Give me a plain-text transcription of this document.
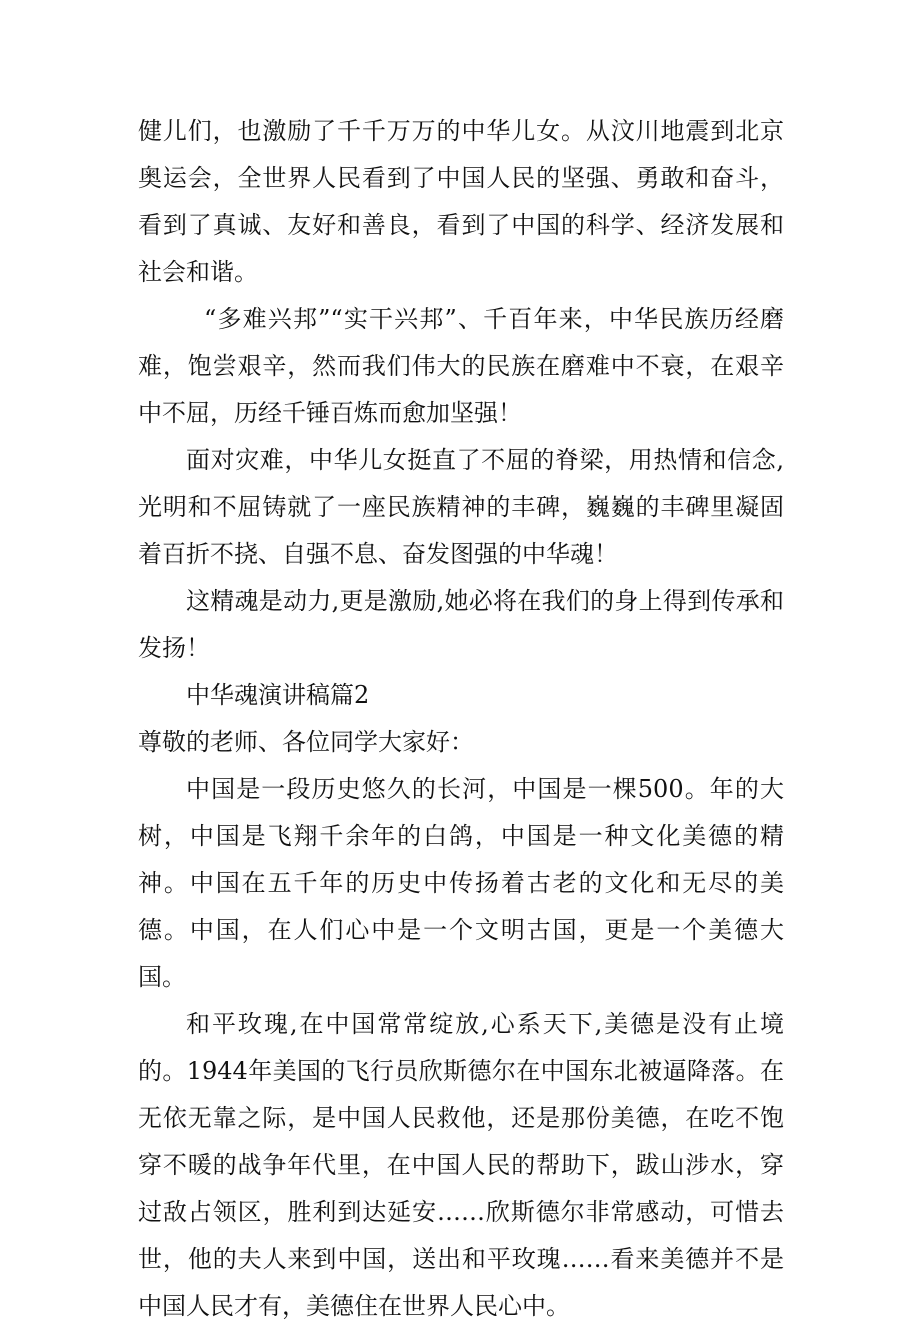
健儿们，也激励了千千万万的中华儿女。从汶川地震到北京奥运会，全世界人民看到了中国人民的坚强、勇敢和奋斗，看到了真诚、友好和善良，看到了中国的科学、经济发展和社会和谐。

“多难兴邦”“实干兴邦”、千百年来，中华民族历经磨难，饱尝艰辛，然而我们伟大的民族在磨难中不衰，在艰辛中不屈，历经千锤百炼而愈加坚强！

面对灾难，中华儿女挺直了不屈的脊梁，用热情和信念,光明和不屈铸就了一座民族精神的丰碑，巍巍的丰碑里凝固着百折不挠、自强不息、奋发图强的中华魂！

这精魂是动力,更是激励,她必将在我们的身上得到传承和发扬！

中华魂演讲稿篇2

尊敬的老师、各位同学大家好：

中国是一段历史悠久的长河，中国是一棵500。年的大树，中国是飞翔千余年的白鸽，中国是一种文化美德的精神。中国在五千年的历史中传扬着古老的文化和无尽的美德。中国，在人们心中是一个文明古国，更是一个美德大国。

和平玫瑰,在中国常常绽放,心系天下,美德是没有止境的。1944年美国的飞行员欣斯德尔在中国东北被逼降落。在无依无靠之际，是中国人民救他，还是那份美德，在吃不饱穿不暖的战争年代里，在中国人民的帮助下，跋山涉水，穿过敌占领区，胜利到达延安……欣斯德尔非常感动，可惜去世，他的夫人来到中国，送出和平玫瑰……看来美德并不是中国人民才有，美德住在世界人民心中。
